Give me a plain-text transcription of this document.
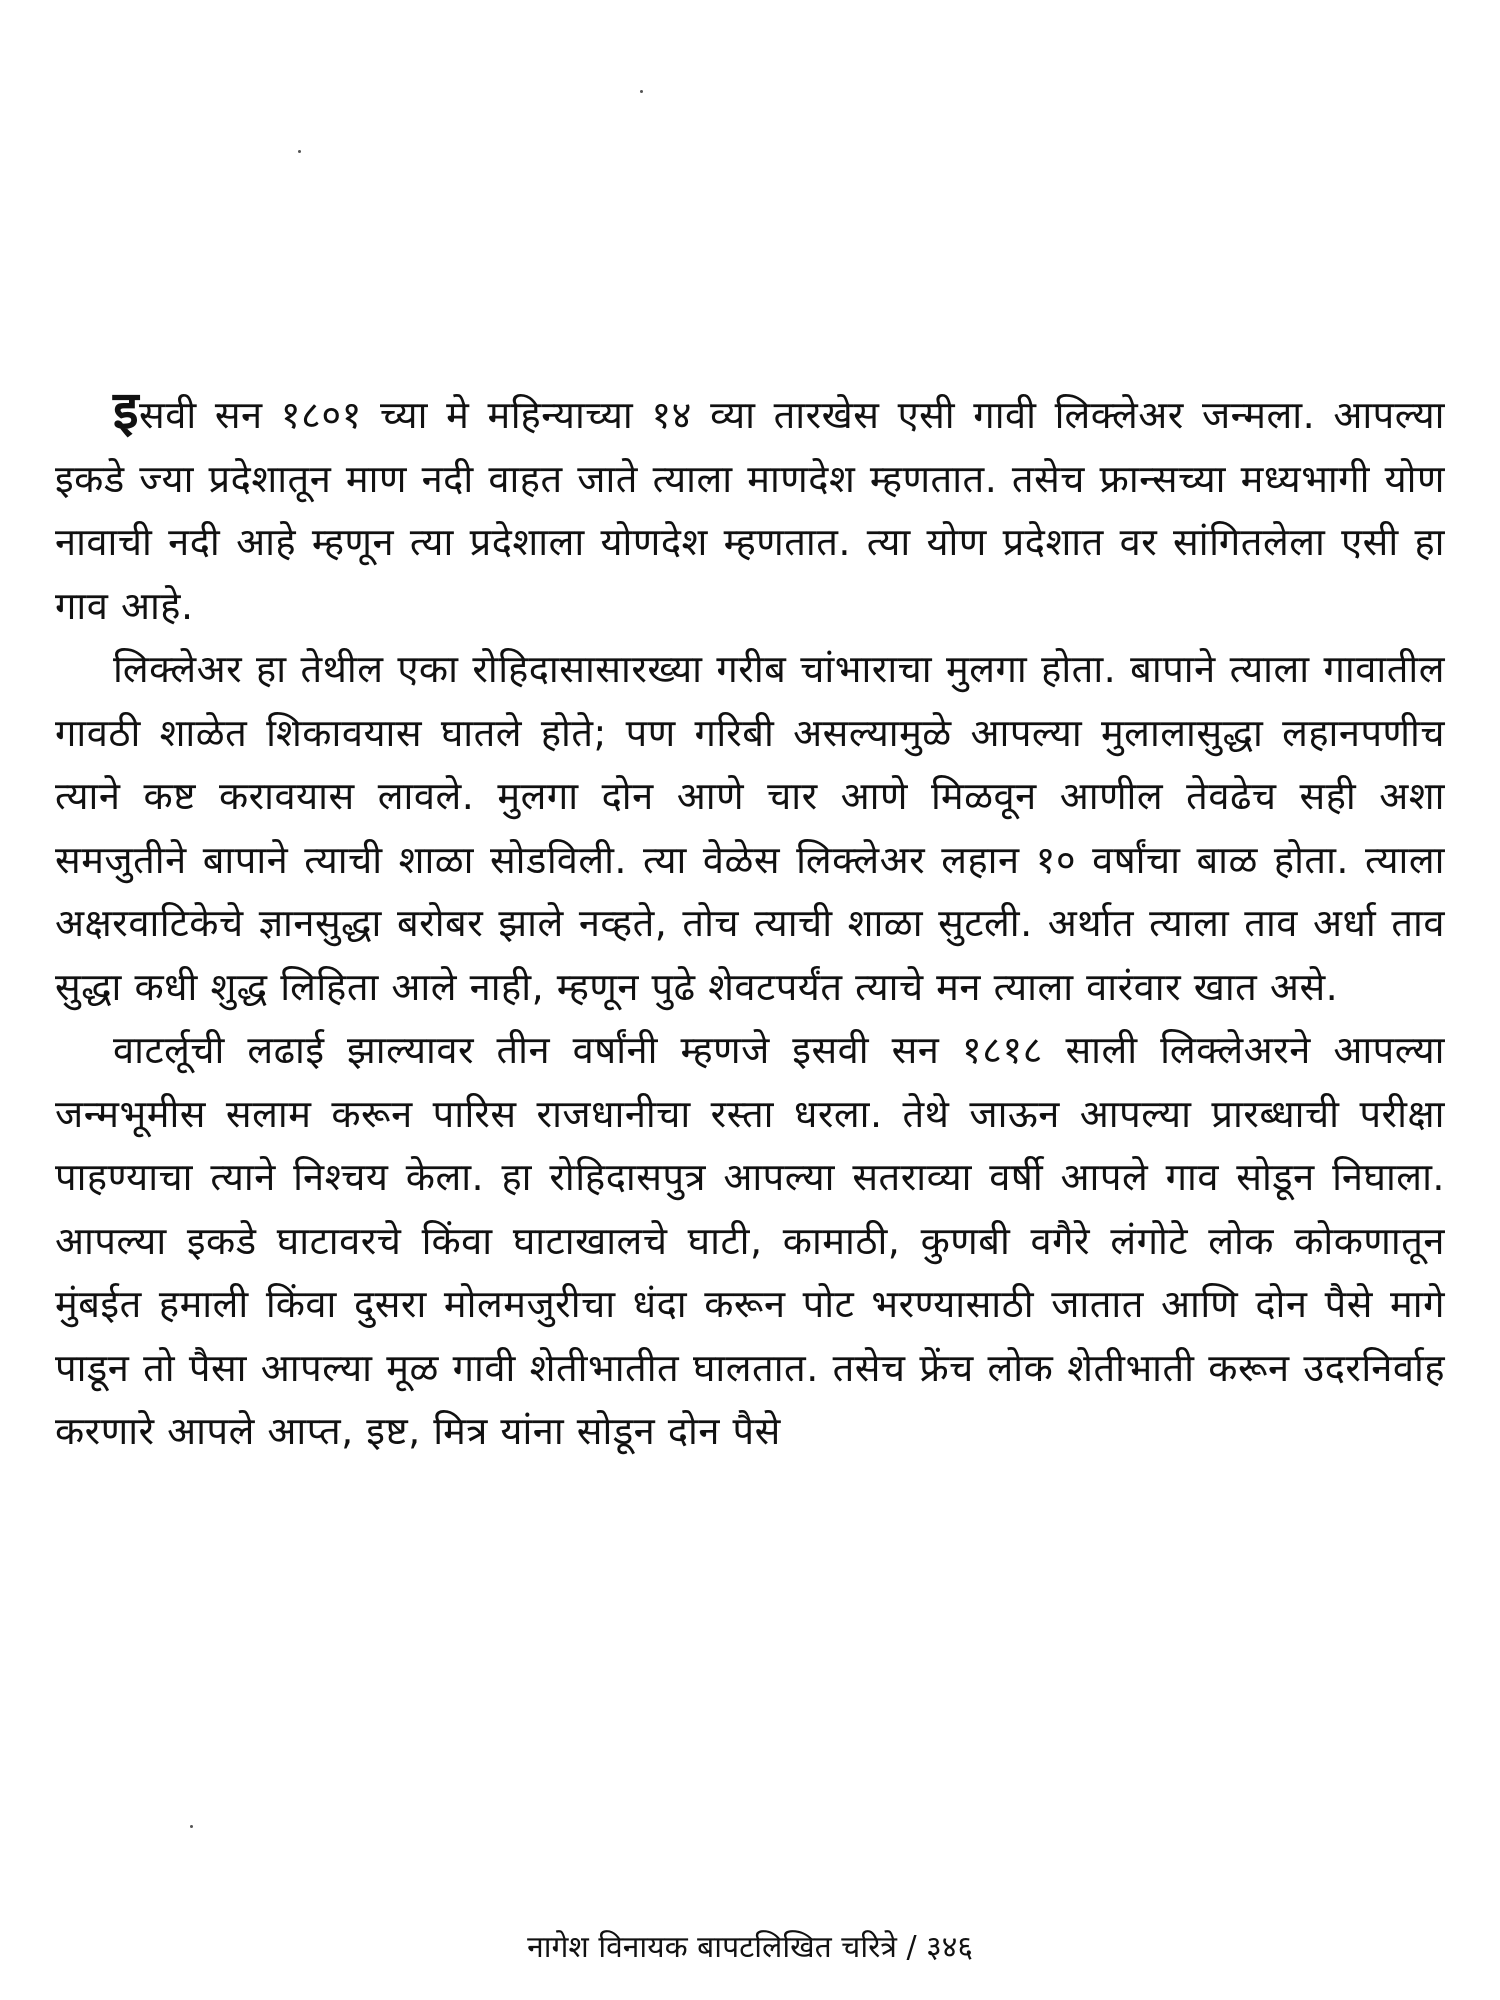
इसवी सन १८०१ च्या मे महिन्याच्या १४ व्या तारखेस एसी गावी लिक्लेअर जन्मला. आपल्या इकडे ज्या प्रदेशातून माण नदी वाहत जाते त्याला माणदेश म्हणतात. तसेच फ्रान्सच्या मध्यभागी योण नावाची नदी आहे म्हणून त्या प्रदेशाला योणदेश म्हणतात. त्या योण प्रदेशात वर सांगितलेला एसी हा गाव आहे.

लिक्लेअर हा तेथील एका रोहिदासासारख्या गरीब चांभाराचा मुलगा होता. बापाने त्याला गावातील गावठी शाळेत शिकावयास घातले होते; पण गरिबी असल्यामुळे आपल्या मुलालासुद्धा लहानपणीच त्याने कष्ट करावयास लावले. मुलगा दोन आणे चार आणे मिळवून आणील तेवढेच सही अशा समजुतीने बापाने त्याची शाळा सोडविली. त्या वेळेस लिक्लेअर लहान १० वर्षांचा बाळ होता. त्याला अक्षरवाटिकेचे ज्ञानसुद्धा बरोबर झाले नव्हते, तोच त्याची शाळा सुटली. अर्थात त्याला ताव अर्धा ताव सुद्धा कधी शुद्ध लिहिता आले नाही, म्हणून पुढे शेवटपर्यंत त्याचे मन त्याला वारंवार खात असे.

वाटर्लूची लढाई झाल्यावर तीन वर्षांनी म्हणजे इसवी सन १८१८ साली लिक्लेअरने आपल्या जन्मभूमीस सलाम करून पारिस राजधानीचा रस्ता धरला. तेथे जाऊन आपल्या प्रारब्धाची परीक्षा पाहण्याचा त्याने निश्चय केला. हा रोहिदासपुत्र आपल्या सतराव्या वर्षी आपले गाव सोडून निघाला. आपल्या इकडे घाटावरचे किंवा घाटाखालचे घाटी, कामाठी, कुणबी वगैरे लंगोटे लोक कोकणातून मुंबईत हमाली किंवा दुसरा मोलमजुरीचा धंदा करून पोट भरण्यासाठी जातात आणि दोन पैसे मागे पाडून तो पैसा आपल्या मूळ गावी शेतीभातीत घालतात. तसेच फ्रेंच लोक शेतीभाती करून उदरनिर्वाह करणारे आपले आप्त, इष्ट, मित्र यांना सोडून दोन पैसे

नागेश विनायक बापटलिखित चरित्रे / ३४६
